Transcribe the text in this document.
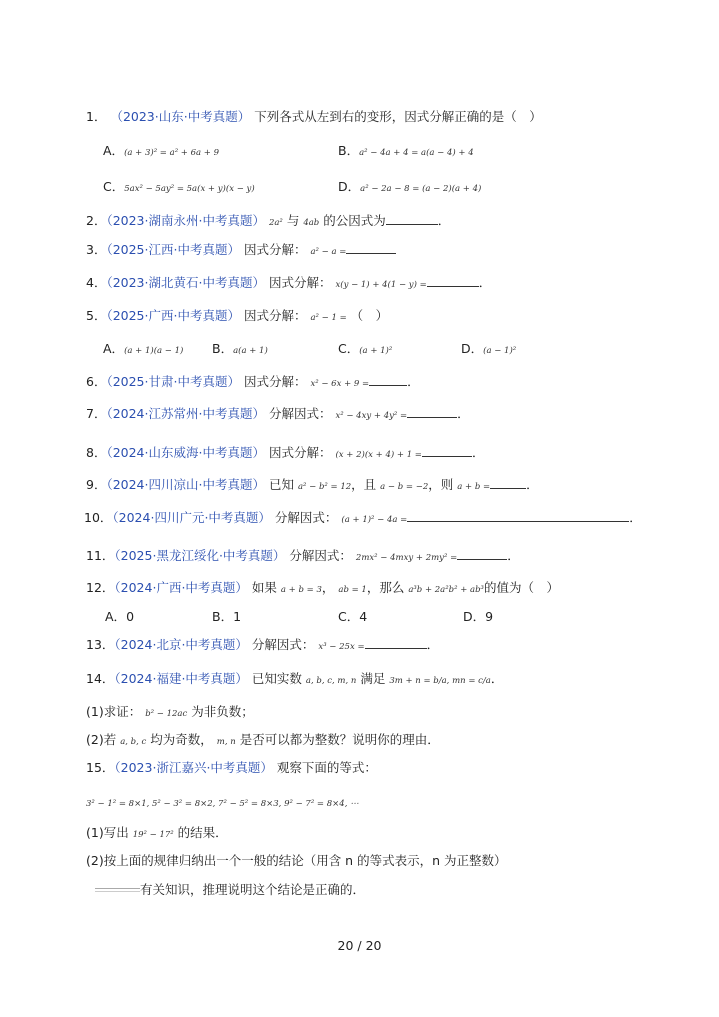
1． （2023·山东·中考真题） 下列各式从左到右的变形，因式分解正确的是（　）
A．(a + 3)² = a² + 6a + 9	B．a² − 4a + 4 = a(a − 4) + 4
C．5ax² − 5ay² = 5a(x + y)(x − y)	D．a² − 2a − 8 = (a − 2)(a + 4)
2．（2023·湖南永州·中考真题） 2a² 与 4ab 的公因式为	．
3．（2025·江西·中考真题） 因式分解： a² − a =
4．（2023·湖北黄石·中考真题） 因式分解： x(y − 1) + 4(1 − y) =	．
5．（2025·广西·中考真题） 因式分解： a² − 1 = （　）
A．(a + 1)(a − 1) B．a(a + 1)	C．(a + 1)²	D．(a − 1)²
6．（2025·甘肃·中考真题） 因式分解： x² − 6x + 9 =	．
7．（2024·江苏常州·中考真题） 分解因式： x² − 4xy + 4y² =	．
8．（2024·山东威海·中考真题） 因式分解： (x + 2)(x + 4) + 1 =	．
9．（2024·四川凉山·中考真题） 已知 a² − b² = 12，且 a − b = −2，则 a + b =	．
10．（2024·四川广元·中考真题） 分解因式： (a + 1)² − 4a =	．
11．（2025·黑龙江绥化·中考真题） 分解因式： 2mx² − 4mxy + 2my² =	．
12．（2024·广西·中考真题） 如果 a + b = 3， ab = 1，那么 a³b + 2a²b² + ab³的值为（　）
A．0	B．1	C．4	D．9
13．（2024·北京·中考真题） 分解因式： x³ − 25x =	．
14．（2024·福建·中考真题） 已知实数 a, b, c, m, n 满足 3m + n = b/a, mn = c/a．
(1)求证： b² − 12ac 为非负数；
(2)若 a, b, c 均为奇数， m, n 是否可以都为整数？说明你的理由．
15．（2023·浙江嘉兴·中考真题） 观察下面的等式：
3² − 1² = 8×1, 5² − 3² = 8×2, 7² − 5² = 8×3, 9² − 7² = 8×4, ⋯
(1)写出 19² − 17² 的结果．
(2)按上面的规律归纳出一个一般的结论（用含 n 的等式表示，n 为正整数）
有关知识，推理说明这个结论是正确的．
20 / 20
